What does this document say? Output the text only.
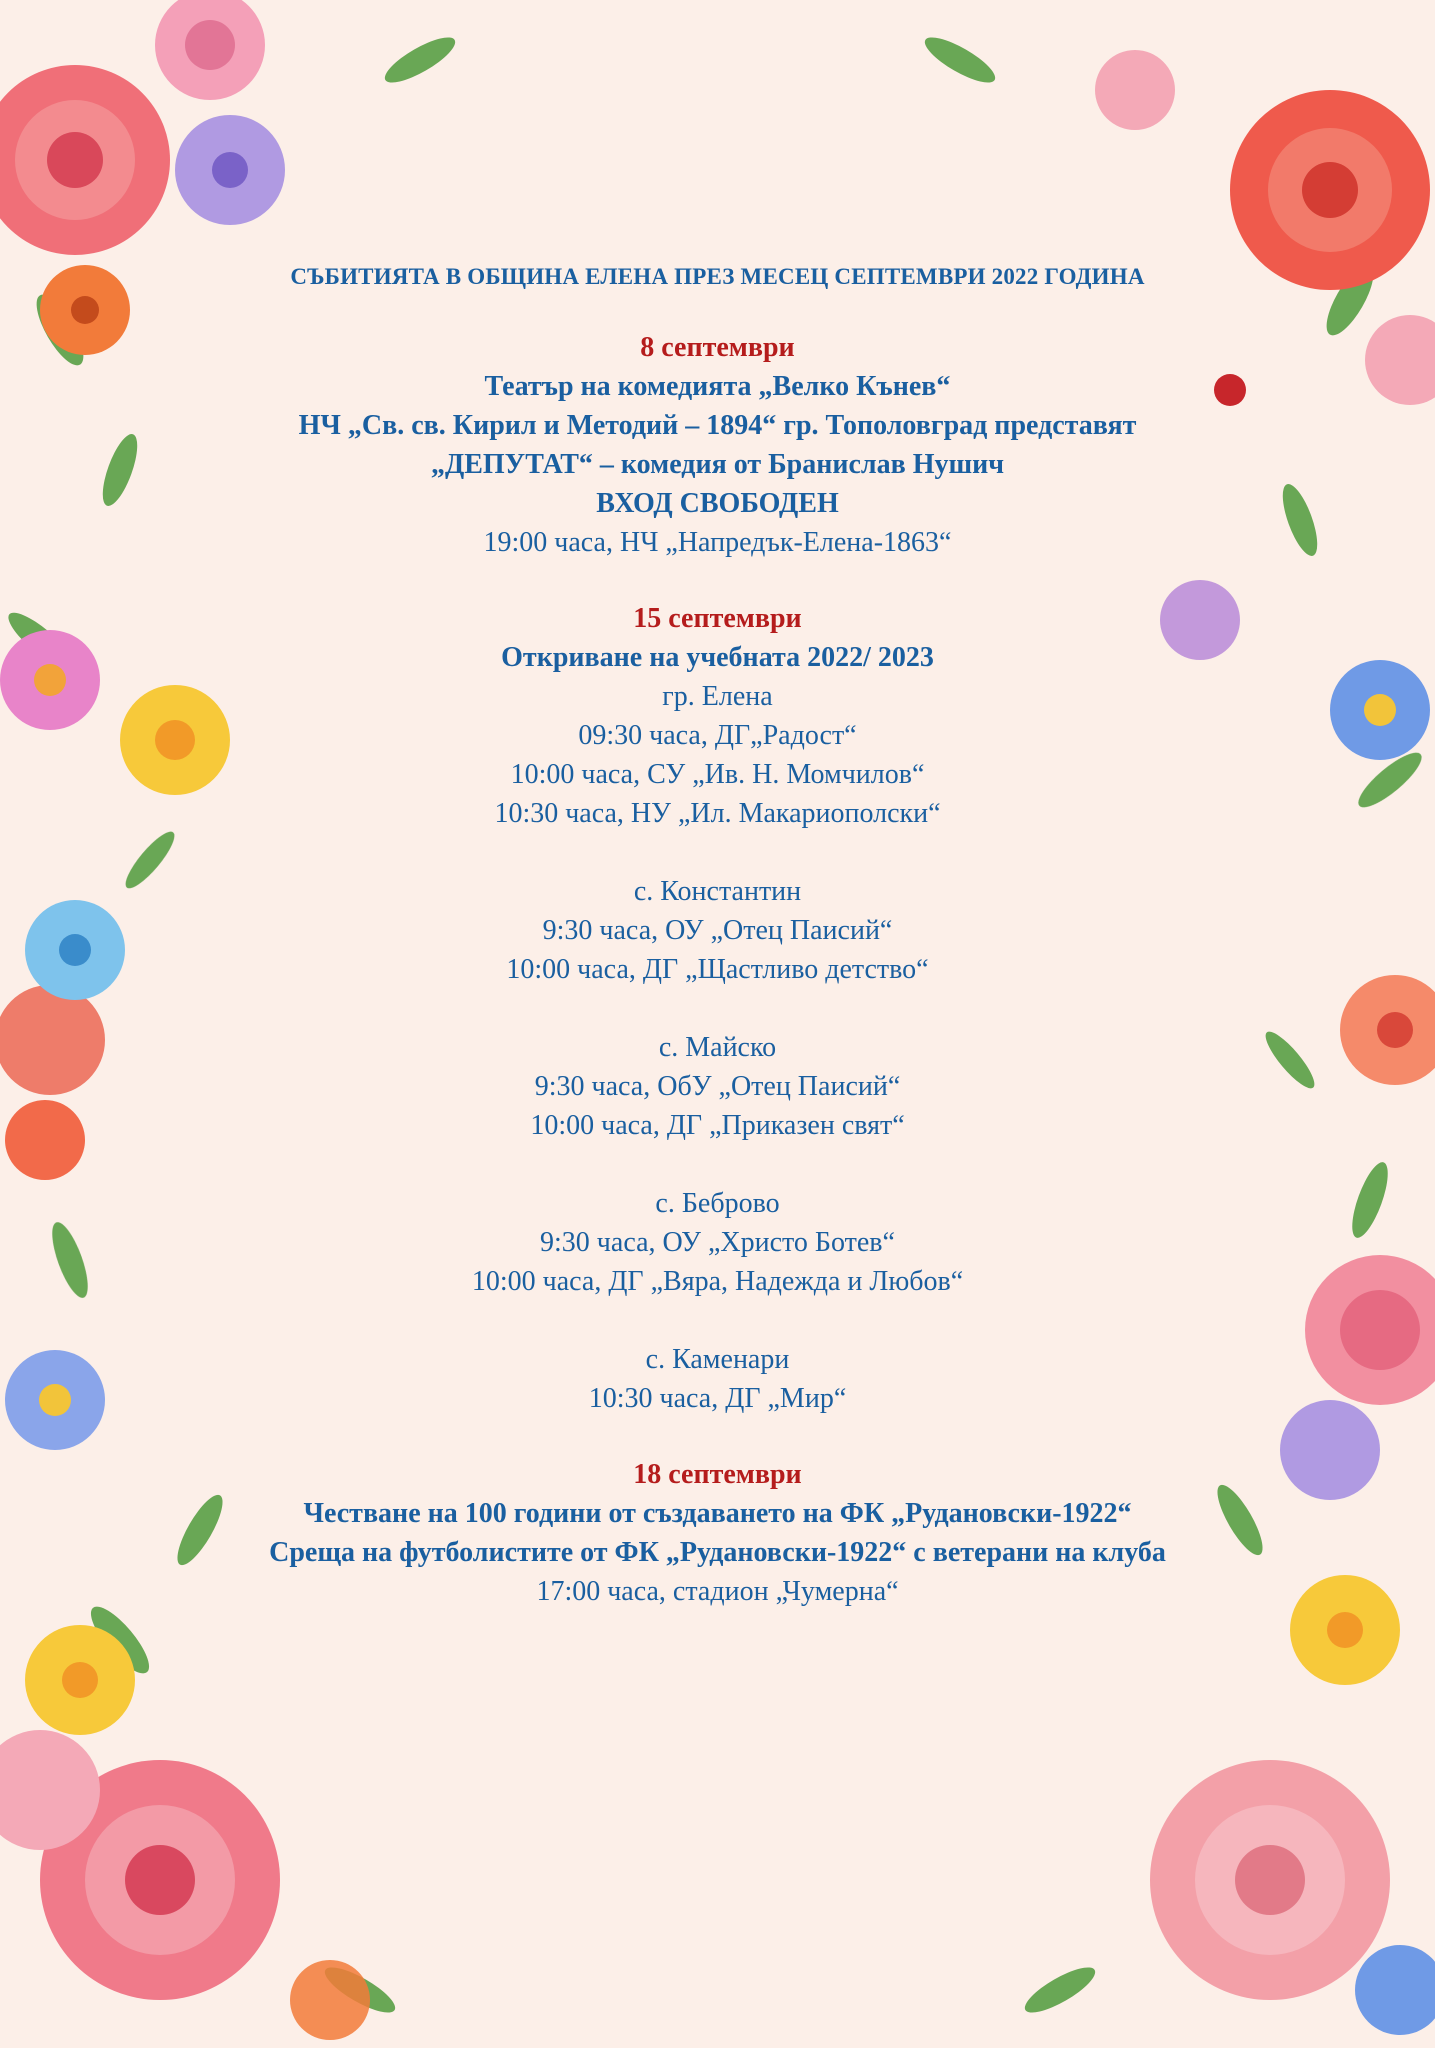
СЪБИТИЯТА В ОБЩИНА ЕЛЕНА ПРЕЗ МЕСЕЦ СЕПТЕМВРИ 2022 ГОДИНА
8 септември
Театър на комедията „Велко Кънев“
НЧ „Св. св. Кирил и Методий – 1894“ гр. Тополовград представят
„ДЕПУТАТ“ – комедия от Бранислав Нушич
ВХОД СВОБОДЕН
19:00 часа, НЧ „Напредък-Елена-1863“
15 септември
Откриване на учебната 2022/ 2023
гр. Елена
09:30 часа, ДГ„Радост“
10:00 часа, СУ „Ив. Н. Момчилов“
10:30 часа, НУ „Ил. Макариополски“
с. Константин
9:30 часа, ОУ „Отец Паисий“
10:00 часа, ДГ „Щастливо детство“
с. Майско
9:30 часа, ОбУ „Отец Паисий“
10:00 часа, ДГ „Приказен свят“
с. Беброво
9:30 часа, ОУ „Христо Ботев“
10:00 часа, ДГ „Вяра, Надежда и Любов“
с. Каменари
10:30 часа, ДГ „Мир“
18 септември
Честване на 100 години от създаването на ФК „Рудановски-1922“
Среща на футболистите от ФК „Рудановски-1922“ с ветерани на клуба
17:00 часа, стадион „Чумерна“
